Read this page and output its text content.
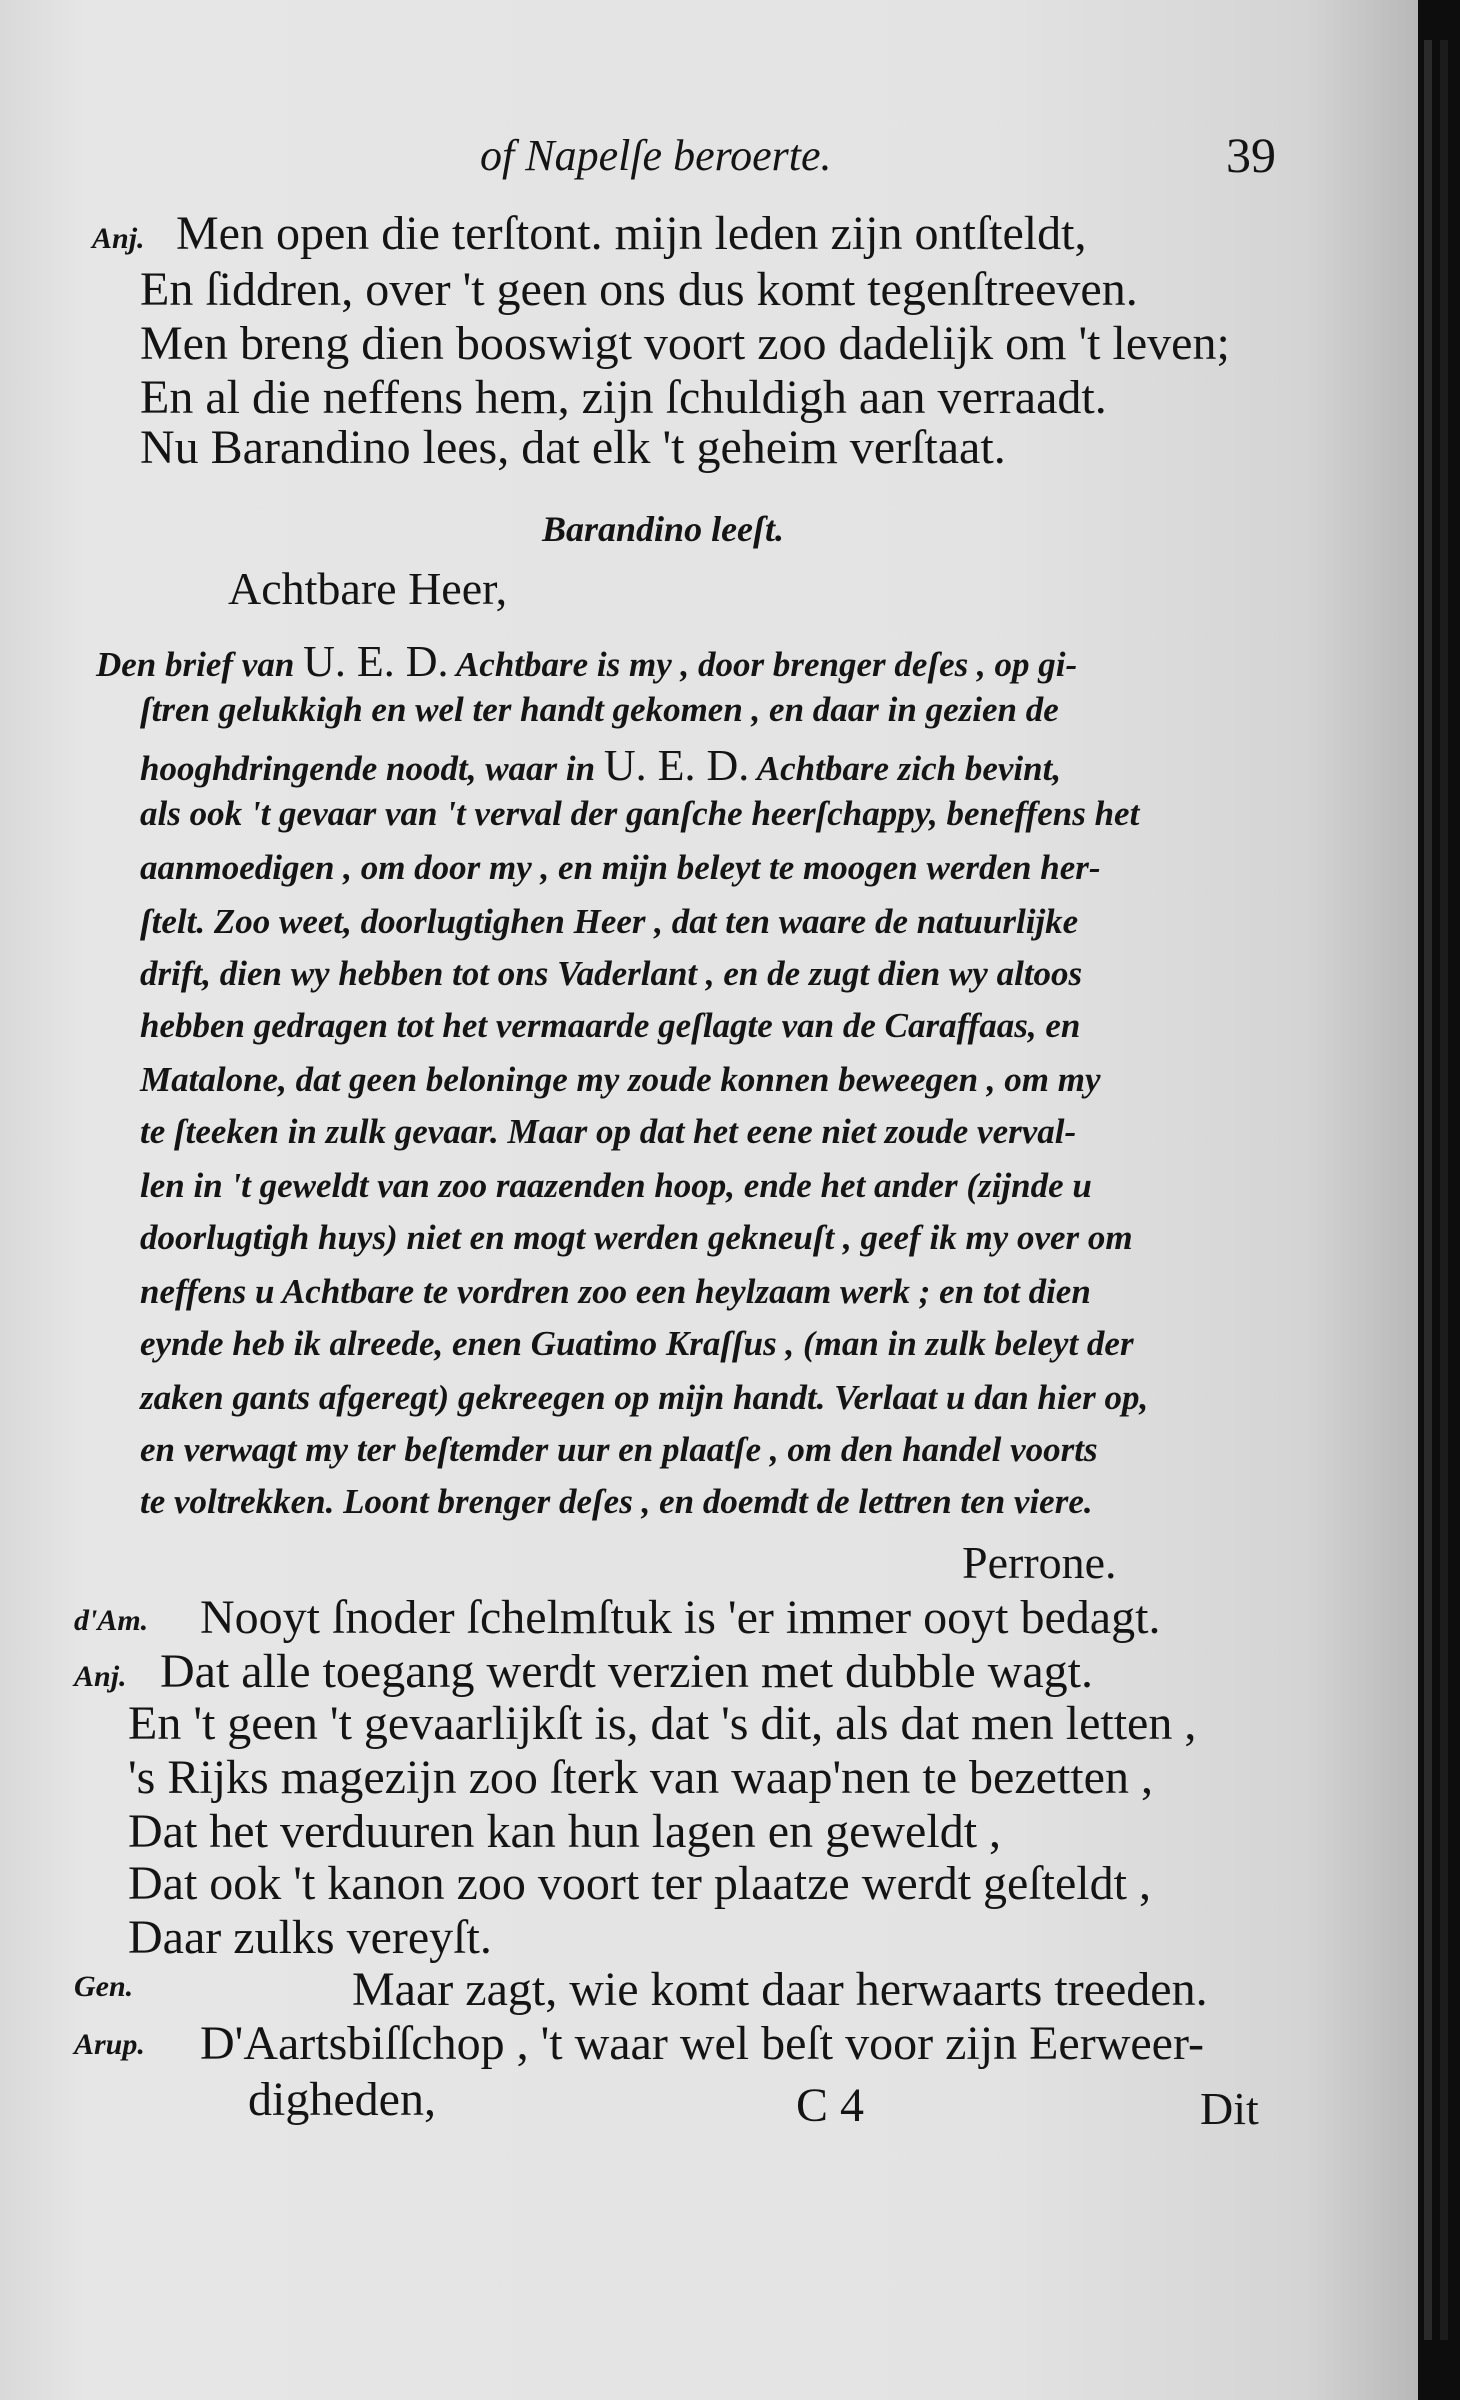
of Napelſe beroerte.	39
Anj. Men open die terſtont. mijn leden zijn ontſteldt,
En ſiddren, over 't geen ons dus komt tegenſtreeven.
Men breng dien booswigt voort zoo dadelijk om 't leven;
En al die neffens hem, zijn ſchuldigh aan verraadt.
Nu Barandino lees, dat elk 't geheim verſtaat.
Barandino leeſt.
Achtbare Heer,
Den brief van U. E. D. Achtbare is my , door brenger deſes , op gi-
ſtren gelukkigh en wel ter handt gekomen , en daar in gezien de
hooghdringende noodt, waar in U. E. D. Achtbare zich bevint,
als ook 't gevaar van 't verval der ganſche heerſchappy, beneffens het
aanmoedigen , om door my , en mijn beleyt te moogen werden her-
ſtelt. Zoo weet, doorlugtighen Heer , dat ten waare de natuurlijke
drift, dien wy hebben tot ons Vaderlant , en de zugt dien wy altoos
hebben gedragen tot het vermaarde geſlagte van de Caraffaas, en
Matalone, dat geen beloninge my zoude konnen beweegen , om my
te ſteeken in zulk gevaar. Maar op dat het eene niet zoude verval-
len in 't geweldt van zoo raazenden hoop, ende het ander (zijnde u
doorlugtigh huys) niet en mogt werden gekneuſt , geef ik my over om
neffens u Achtbare te vordren zoo een heylzaam werk ; en tot dien
eynde heb ik alreede, enen Guatimo Kraſſus , (man in zulk beleyt der
zaken gants afgeregt) gekreegen op mijn handt. Verlaat u dan hier op,
en verwagt my ter beſtemder uur en plaatſe , om den handel voorts
te voltrekken. Loont brenger deſes , en doemdt de lettren ten viere.
Perrone.
d'Am. Nooyt ſnoder ſchelmſtuk is 'er immer ooyt bedagt.
Anj. Dat alle toegang werdt verzien met dubble wagt.
En 't geen 't gevaarlijkſt is, dat 's dit, als dat men letten ,
's Rijks magezijn zoo ſterk van waap'nen te bezetten ,
Dat het verduuren kan hun lagen en geweldt ,
Dat ook 't kanon zoo voort ter plaatze werdt geſteldt ,
Daar zulks vereyſt.
Gen.	Maar zagt, wie komt daar herwaarts treeden.
Arup. D'Aartsbiſſchop , 't waar wel beſt voor zijn Eerweer-
digheden,	C 4	Dit
